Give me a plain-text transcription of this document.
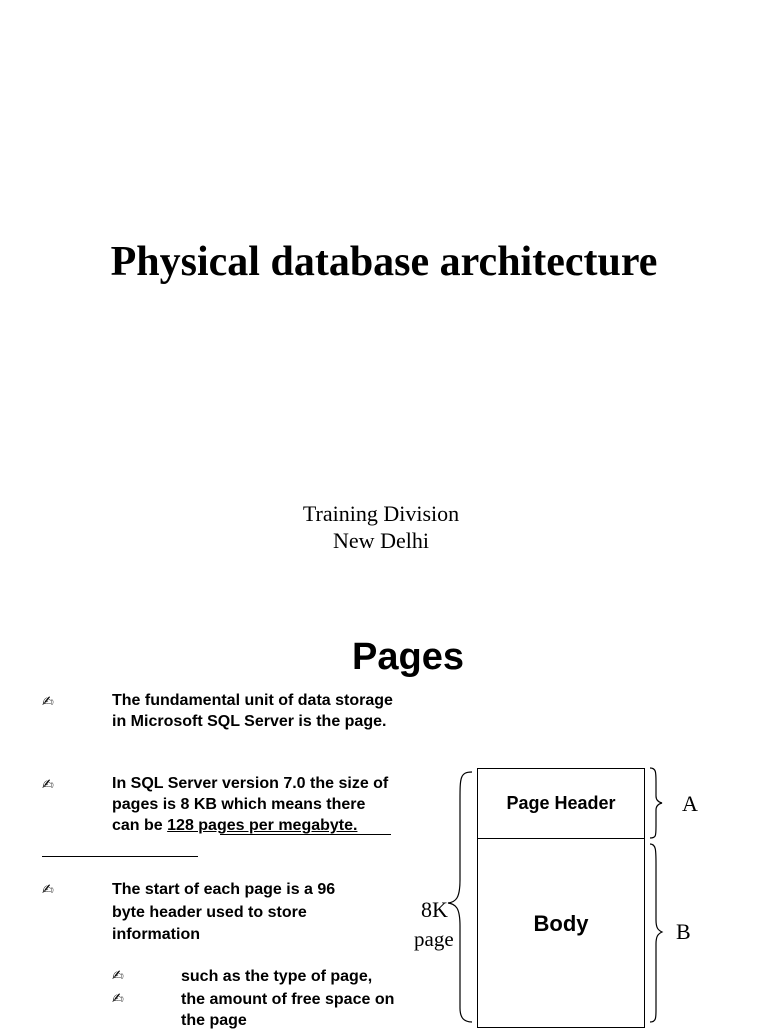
Physical database architecture
Training Division
New Delhi
Pages
✍	The fundamental unit of data storage in Microsoft SQL Server is the page.
✍	In SQL Server version 7.0 the size of pages is 8 KB which means there can be 128 pages per megabyte.
✍	The start of each page is a 96 byte header used to store information
✍	such as the type of page,
✍	the amount of free space on the page
Page Header
Body
8K
page
A
B
